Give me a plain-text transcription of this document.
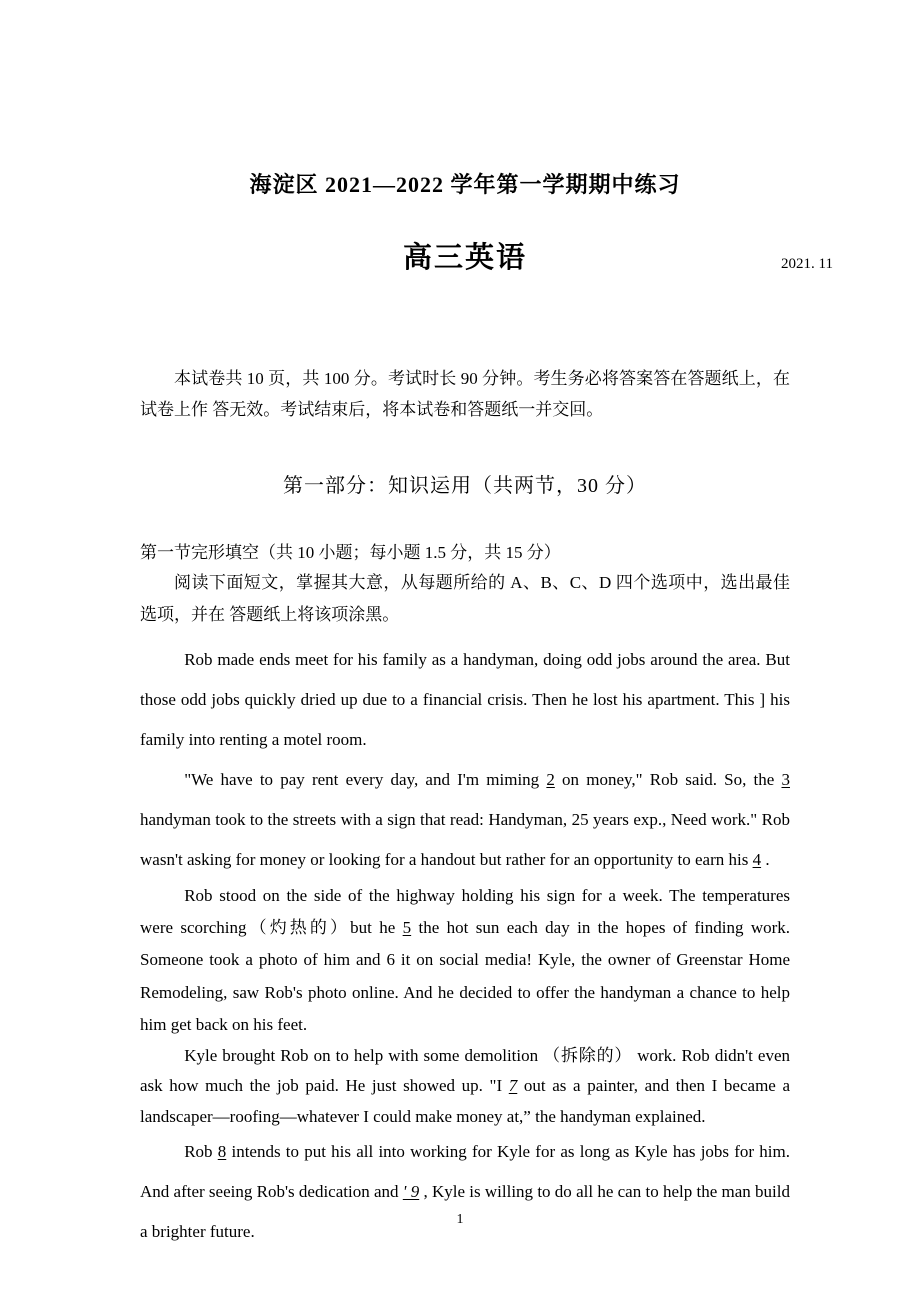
海淀区 2021—2022 学年第一学期期中练习
高三英语	2021. 11

本试卷共 10 页，共 100 分。考试时长 90 分钟。考生务必将答案答在答题纸上，在试卷上作 答无效。考试结束后，将本试卷和答题纸一并交回。

第一部分：知识运用（共两节，30 分）

第一节完形填空（共 10 小题；每小题 1.5 分，共 15 分）

阅读下面短文，掌握其大意，从每题所给的 A、B、C、D 四个选项中，选出最佳选项，并在 答题纸上将该项涂黑。

Rob made ends meet for his family as a handyman, doing odd jobs around the area. But those odd jobs quickly dried up due to a financial crisis. Then he lost his apartment. This ] his family into renting a motel room.

"We have to pay rent every day, and I'm miming 2 on money," Rob said. So, the 3 handyman took to the streets with a sign that read: Handyman, 25 years exp., Need work." Rob wasn't asking for money or looking for a handout but rather for an opportunity to earn his 4 .

Rob stood on the side of the highway holding his sign for a week. The temperatures were scorching（灼热的）but he 5 the hot sun each day in the hopes of finding work. Someone took a photo of him and 6 it on social media! Kyle, the owner of Greenstar Home Remodeling, saw Rob's photo online. And he decided to offer the handyman a chance to help him get back on his feet.

Kyle brought Rob on to help with some demolition （拆除的） work. Rob didn't even ask how much the job paid. He just showed up. "I 7 out as a painter, and then I became a landscaper—roofing—whatever I could make money at,” the handyman explained.

Rob 8 intends to put his all into working for Kyle for as long as Kyle has jobs for him. And after seeing Rob's dedication and ' 9 , Kyle is willing to do all he can to help the man build a brighter future.

1
